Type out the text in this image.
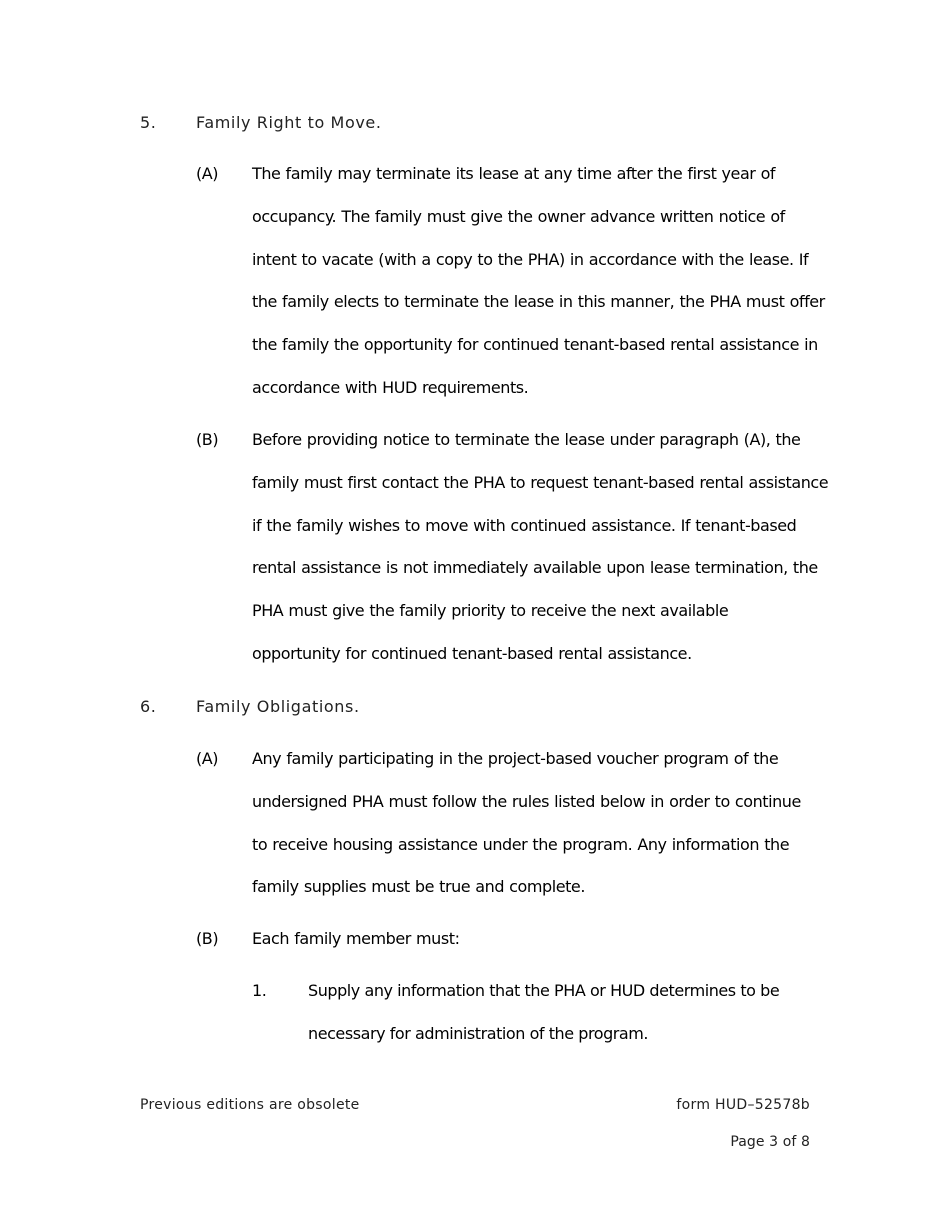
5. Family Right to Move.
(A) The family may terminate its lease at any time after the first year of
occupancy. The family must give the owner advance written notice of
intent to vacate (with a copy to the PHA) in accordance with the lease. If
the family elects to terminate the lease in this manner, the PHA must offer
the family the opportunity for continued tenant-based rental assistance in
accordance with HUD requirements.
(B) Before providing notice to terminate the lease under paragraph (A), the
family must first contact the PHA to request tenant-based rental assistance
if the family wishes to move with continued assistance. If tenant-based
rental assistance is not immediately available upon lease termination, the
PHA must give the family priority to receive the next available
opportunity for continued tenant-based rental assistance.
6. Family Obligations.
(A) Any family participating in the project-based voucher program of the
undersigned PHA must follow the rules listed below in order to continue
to receive housing assistance under the program. Any information the
family supplies must be true and complete.
(B) Each family member must:
1.	Supply any information that the PHA or HUD determines to be
necessary for administration of the program.
Previous editions are obsolete	form HUD–52578b
Page 3 of 8
